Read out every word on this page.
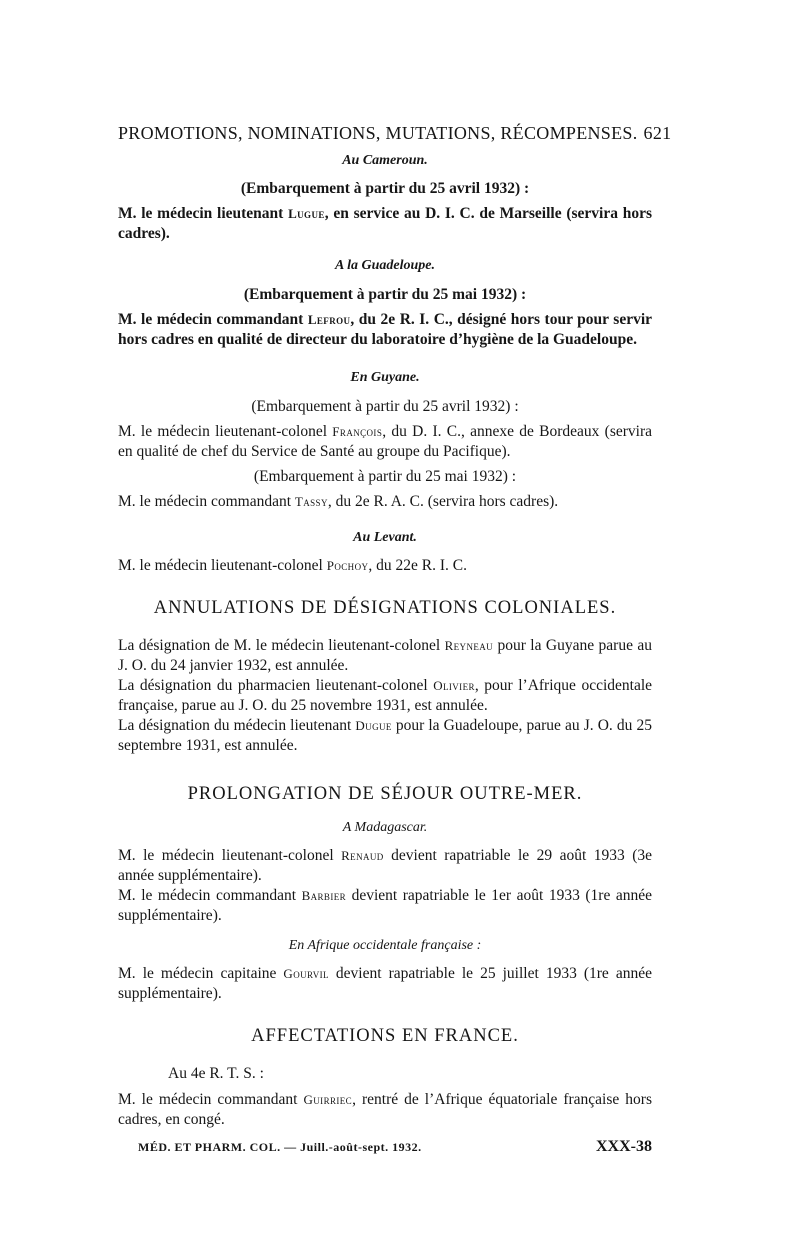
PROMOTIONS, NOMINATIONS, MUTATIONS, RÉCOMPENSES. 621
Au Cameroun.
(Embarquement à partir du 25 avril 1932) :

M. le médecin lieutenant Lugue, en service au D. I. C. de Marseille (servira hors cadres).

A la Guadeloupe.
(Embarquement à partir du 25 mai 1932) :

M. le médecin commandant Lefrou, du 2e R. I. C., désigné hors tour pour servir hors cadres en qualité de directeur du laboratoire d’hygiène de la Guadeloupe.

En Guyane.
(Embarquement à partir du 25 avril 1932) :

M. le médecin lieutenant-colonel François, du D. I. C., annexe de Bordeaux (servira en qualité de chef du Service de Santé au groupe du Pacifique).

(Embarquement à partir du 25 mai 1932) :

M. le médecin commandant Tassy, du 2e R. A. C. (servira hors cadres).

Au Levant.

M. le médecin lieutenant-colonel Pochoy, du 22e R. I. C.

ANNULATIONS DE DÉSIGNATIONS COLONIALES.

La désignation de M. le médecin lieutenant-colonel Reyneau pour la Guyane parue au J. O. du 24 janvier 1932, est annulée.

La désignation du pharmacien lieutenant-colonel Olivier, pour l’Afrique occidentale française, parue au J. O. du 25 novembre 1931, est annulée.

La désignation du médecin lieutenant Dugue pour la Guadeloupe, parue au J. O. du 25 septembre 1931, est annulée.

PROLONGATION DE SÉJOUR OUTRE-MER.
A Madagascar.

M. le médecin lieutenant-colonel Renaud devient rapatriable le 29 août 1933 (3e année supplémentaire).

M. le médecin commandant Barbier devient rapatriable le 1er août 1933 (1re année supplémentaire).

En Afrique occidentale française :

M. le médecin capitaine Gourvil devient rapatriable le 25 juillet 1933 (1re année supplémentaire).

AFFECTATIONS EN FRANCE.
Au 4e R. T. S. :

M. le médecin commandant Guirriec, rentré de l’Afrique équatoriale française hors cadres, en congé.

MÉD. ET PHARM. COL. — Juill.-août-sept. 1932.	XXX-38
